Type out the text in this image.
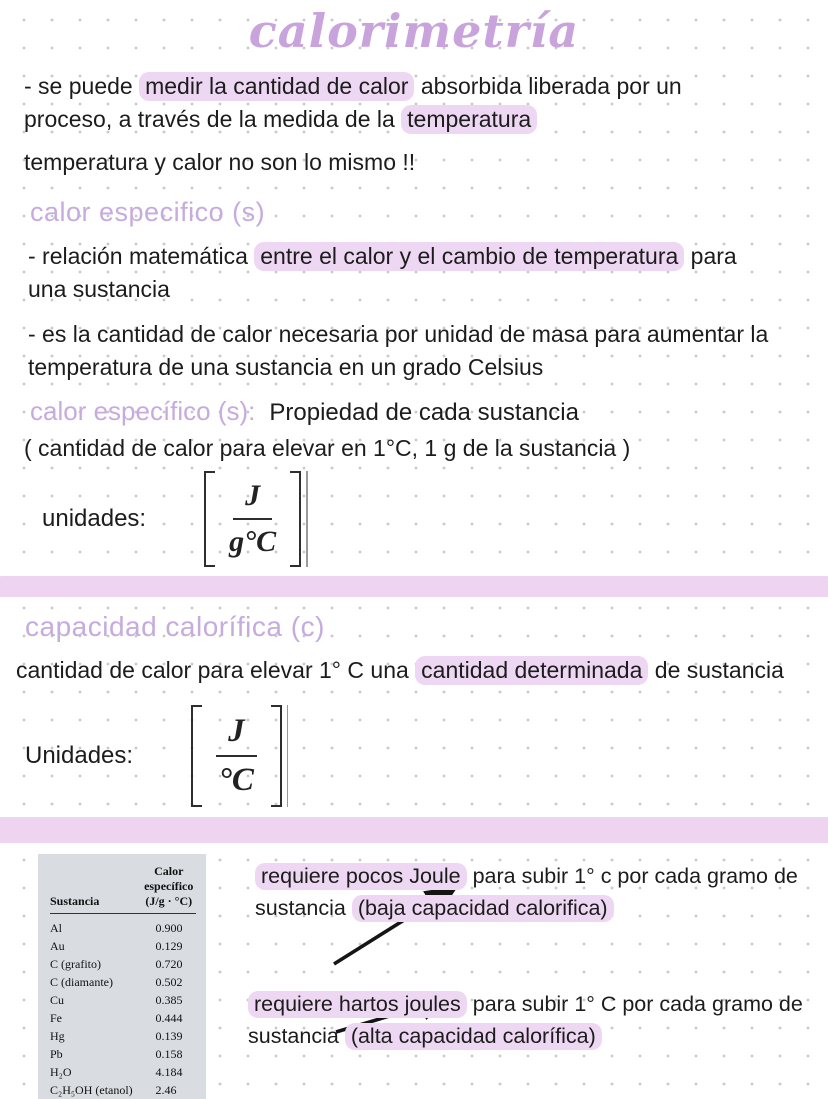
calorimetría
- se puede medir la cantidad de calor absorbida liberada por un proceso, a través de la medida de la temperatura
temperatura y calor no son lo mismo !!
calor especifico (s)
- relación matemática entre el calor y el cambio de temperatura para una sustancia
- es la cantidad de calor necesaria por unidad de masa para aumentar la temperatura de una sustancia en un grado Celsius
calor específico (s): Propiedad de cada sustancia
( cantidad de calor para elevar en 1°C, 1 g de la sustancia )
unidades: $\frac{J}{g^\circ C}$
capacidad calorífica (c)
cantidad de calor para elevar 1° C una cantidad determinada de sustancia
Unidades: $\frac{J}{^\circ C}$
Sustancia	Calor
específico
(J/g · °C)

Al	0.900
Au	0.129
C (grafito)	0.720
C (diamante)	0.502
Cu	0.385
Fe	0.444
Hg	0.139
Pb	0.158
H₂O	4.184
C₂H₅OH (etanol)	2.46
requiere pocos Joule para subir 1° c por cada gramo de sustancia (baja capacidad calorifica)
requiere hartos joules para subir 1° C por cada gramo de sustancia (alta capacidad calorífica)
